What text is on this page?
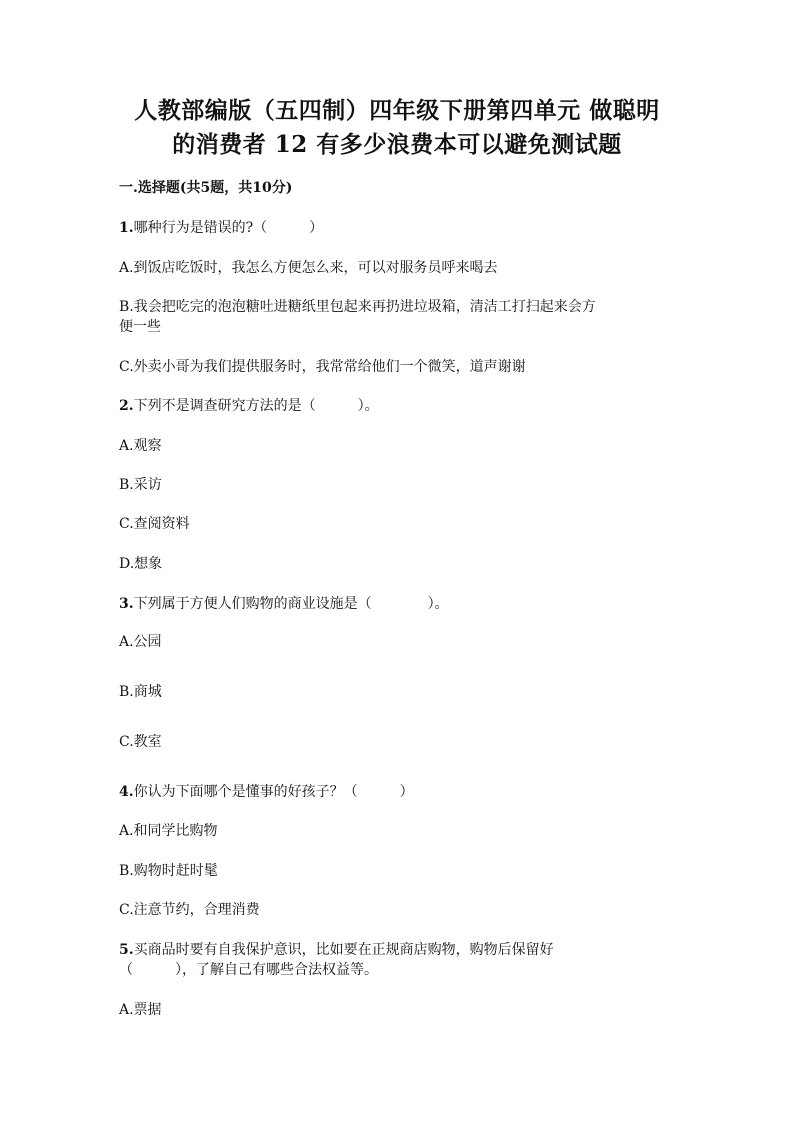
人教部编版（五四制）四年级下册第四单元 做聪明
的消费者 12 有多少浪费本可以避免测试题
一.选择题(共5题，共10分)
1.哪种行为是错误的?（　　　）
A.到饭店吃饭时，我怎么方便怎么来，可以对服务员呼来喝去
B.我会把吃完的泡泡糖吐进糖纸里包起来再扔进垃圾箱，清洁工打扫起来会方
便一些
C.外卖小哥为我们提供服务时，我常常给他们一个微笑，道声谢谢
2.下列不是调查研究方法的是（　　　）。
A.观察
B.采访
C.查阅资料
D.想象
3.下列属于方便人们购物的商业设施是（　　　　）。
A.公园
B.商城
C.教室
4.你认为下面哪个是懂事的好孩子？（　　　）
A.和同学比购物
B.购物时赶时髦
C.注意节约，合理消费
5.买商品时要有自我保护意识，比如要在正规商店购物，购物后保留好
（　　　），了解自己有哪些合法权益等。
A.票据
